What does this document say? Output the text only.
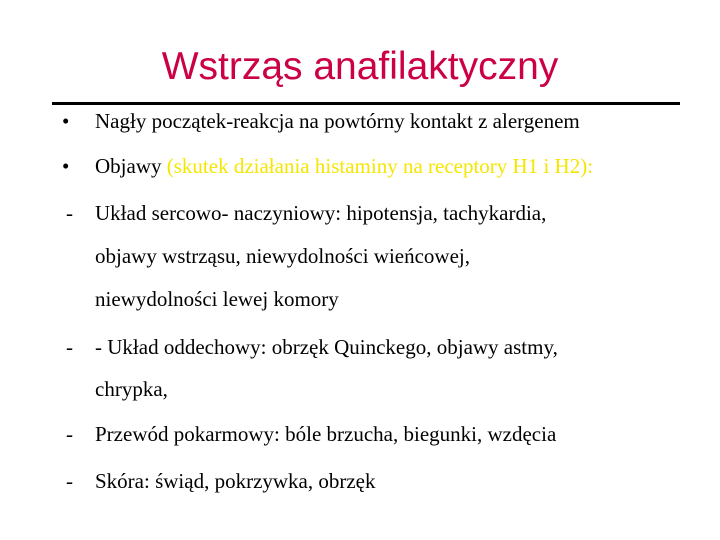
Wstrząs anafilaktyczny
• Nagły początek-reakcja na powtórny kontakt z alergenem
• Objawy (skutek działania histaminy na receptory H1 i H2):
- Układ sercowo- naczyniowy: hipotensja, tachykardia,
objawy wstrząsu, niewydolności wieńcowej,
niewydolności lewej komory
- - Układ oddechowy: obrzęk Quinckego, objawy astmy,
chrypka,
- Przewód pokarmowy: bóle brzucha, biegunki, wzdęcia
- Skóra: świąd, pokrzywka, obrzęk
